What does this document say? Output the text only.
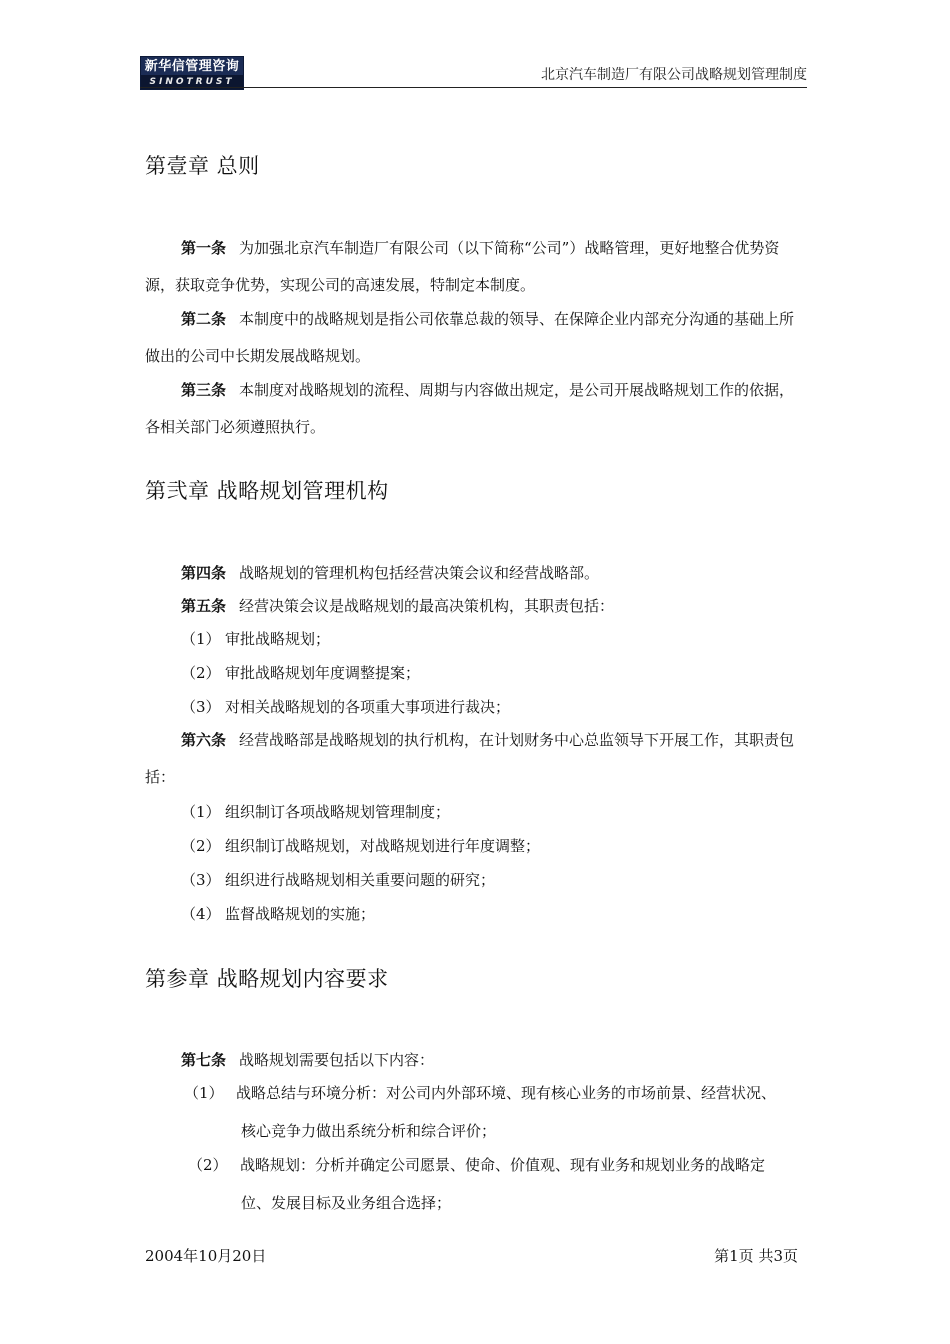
新华信管理咨询
SINOTRUST	北京汽车制造厂有限公司战略规划管理制度
第壹章 总则

第一条 为加强北京汽车制造厂有限公司（以下简称“公司”）战略管理，更好地整合优势资源，获取竞争优势，实现公司的高速发展，特制定本制度。

第二条 本制度中的战略规划是指公司依靠总裁的领导、在保障企业内部充分沟通的基础上所做出的公司中长期发展战略规划。

第三条 本制度对战略规划的流程、周期与内容做出规定，是公司开展战略规划工作的依据，各相关部门必须遵照执行。

第弐章 战略规划管理机构
第四条 战略规划的管理机构包括经营决策会议和经营战略部。
第五条 经营决策会议是战略规划的最高决策机构，其职责包括：
（1） 审批战略规划；
（2） 审批战略规划年度调整提案；
（3） 对相关战略规划的各项重大事项进行裁决；

第六条 经营战略部是战略规划的执行机构，在计划财务中心总监领导下开展工作，其职责包括：

（1） 组织制订各项战略规划管理制度；
（2） 组织制订战略规划，对战略规划进行年度调整；
（3） 组织进行战略规划相关重要问题的研究；
（4） 监督战略规划的实施；
第参章 战略规划内容要求
第七条 战略规划需要包括以下内容：
（1） 战略总结与环境分析：对公司内外部环境、现有核心业务的市场前景、经营状况、
核心竞争力做出系统分析和综合评价；
（2） 战略规划：分析并确定公司愿景、使命、价值观、现有业务和规划业务的战略定
位、发展目标及业务组合选择；
2004年10月20日	第1页 共3页
